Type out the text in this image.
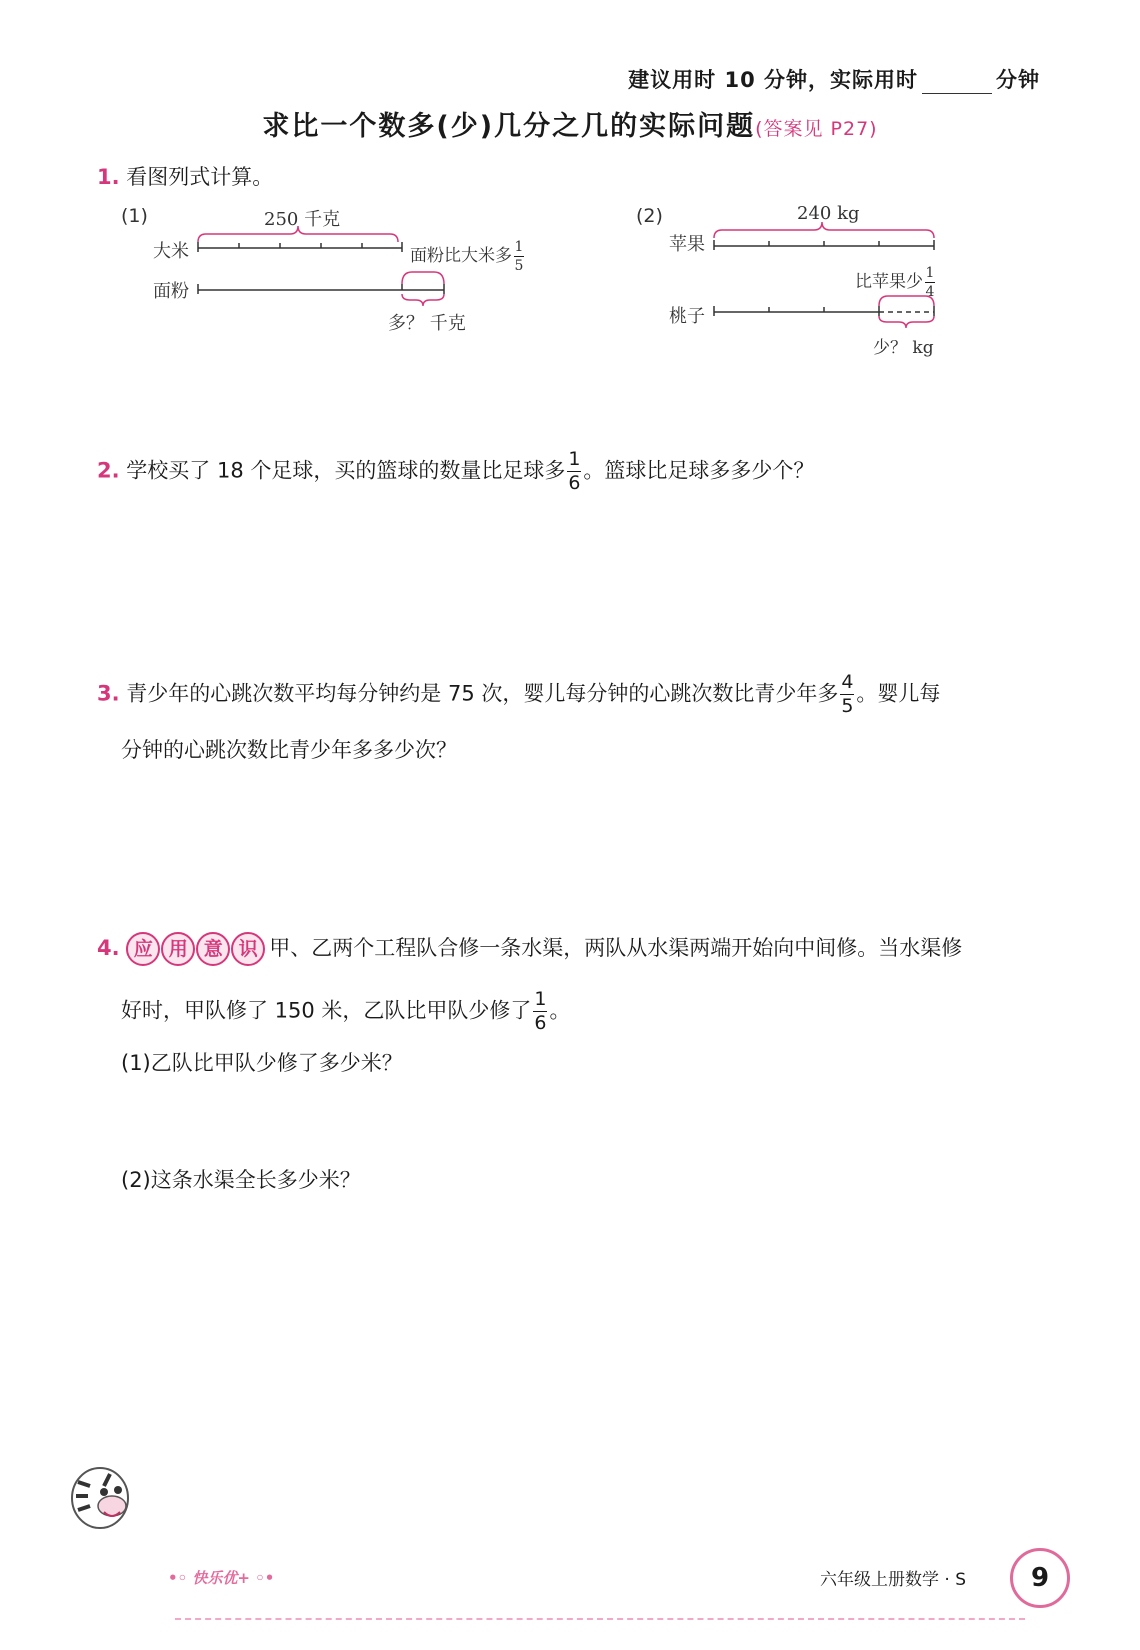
建议用时 10 分钟，实际用时	分钟
求比一个数多(少)几分之几的实际问题(答案见 P27)
1. 看图列式计算。
(1)	250 千克
大米
面粉
面粉比大米多 $\frac{1}{5}$
多？ 千克
(2)	240 kg
苹果
桃子
比苹果少 $\frac{1}{4}$
少？ kg
2. 学校买了 18 个足球，买的篮球的数量比足球多 $\frac{1}{6}$ 。篮球比足球多多少个？
3. 青少年的心跳次数平均每分钟约是 75 次，婴儿每分钟的心跳次数比青少年多 $\frac{4}{5}$ 。婴儿每
分钟的心跳次数比青少年多多少次？
4. 应 用 意 识 甲、乙两个工程队合修一条水渠，两队从水渠两端开始向中间修。当水渠修
好时，甲队修了 150 米，乙队比甲队少修了 $\frac{1}{6}$ 。
(1)乙队比甲队少修了多少米？
(2)这条水渠全长多少米？
•◦ 快乐优+ ◦•	六年级上册数学 · S	9
